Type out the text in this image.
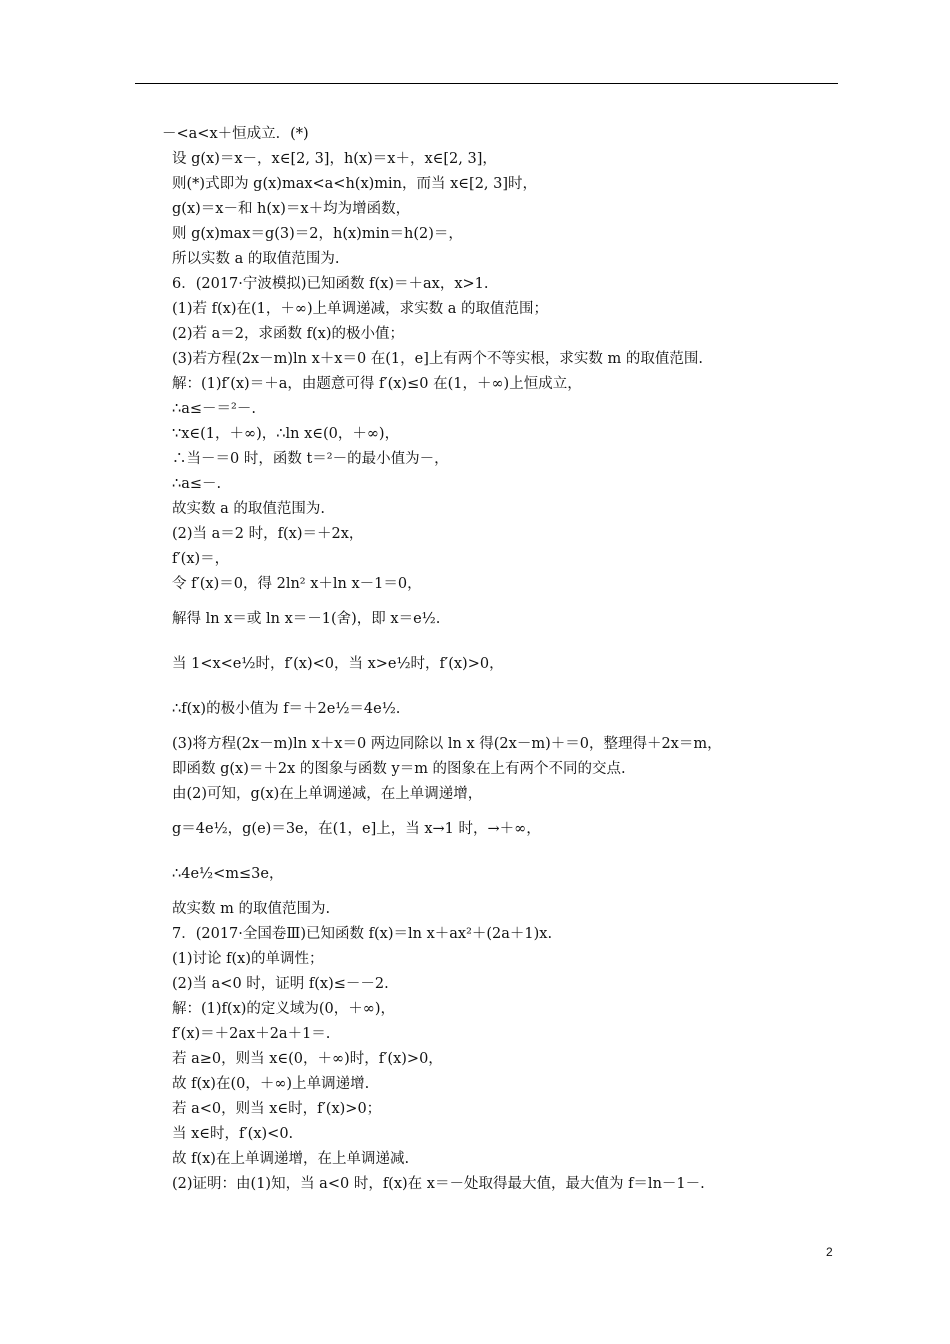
－<a<x＋恒成立．(*)
设 g(x)＝x－，x∈[2, 3]，h(x)＝x＋，x∈[2, 3]，
则(*)式即为 g(x)max<a<h(x)min，而当 x∈[2, 3]时，
g(x)＝x－和 h(x)＝x＋均为增函数，
则 g(x)max＝g(3)＝2，h(x)min＝h(2)＝，
所以实数 a 的取值范围为.
6．(2017·宁波模拟)已知函数 f(x)＝＋ax，x>1.
(1)若 f(x)在(1，＋∞)上单调递减，求实数 a 的取值范围；
(2)若 a＝2，求函数 f(x)的极小值；
(3)若方程(2x－m)ln x＋x＝0 在(1，e]上有两个不等实根，求实数 m 的取值范围.
解：(1)f′(x)＝＋a，由题意可得 f′(x)≤0 在(1，＋∞)上恒成立，
∴a≤－＝²－.
∵x∈(1，＋∞)，∴ln x∈(0，＋∞)，
∴当－＝0 时，函数 t＝²－的最小值为－，
∴a≤－.
故实数 a 的取值范围为.
(2)当 a＝2 时，f(x)＝＋2x，
f′(x)＝，
令 f′(x)＝0，得 2ln² x＋ln x－1＝0，
解得 ln x＝或 ln x＝－1(舍)，即 x＝e½.
当 1<x<e½时，f′(x)<0，当 x>e½时，f′(x)>0，
∴f(x)的极小值为 f＝＋2e½＝4e½.
(3)将方程(2x－m)ln x＋x＝0 两边同除以 ln x 得(2x－m)＋＝0，整理得＋2x＝m，
即函数 g(x)＝＋2x 的图象与函数 y＝m 的图象在上有两个不同的交点.
由(2)可知，g(x)在上单调递减，在上单调递增，
g＝4e½，g(e)＝3e，在(1，e]上，当 x→1 时，→＋∞，
∴4e½<m≤3e，
故实数 m 的取值范围为.
7．(2017·全国卷Ⅲ)已知函数 f(x)＝ln x＋ax²＋(2a＋1)x.
(1)讨论 f(x)的单调性；
(2)当 a<0 时，证明 f(x)≤－－2.
解：(1)f(x)的定义域为(0，＋∞)，
f′(x)＝＋2ax＋2a＋1＝.
若 a≥0，则当 x∈(0，＋∞)时，f′(x)>0，
故 f(x)在(0，＋∞)上单调递增.
若 a<0，则当 x∈时，f′(x)>0；
当 x∈时，f′(x)<0.
故 f(x)在上单调递增，在上单调递减.
(2)证明：由(1)知，当 a<0 时，f(x)在 x＝－处取得最大值，最大值为 f＝ln－1－.
2
